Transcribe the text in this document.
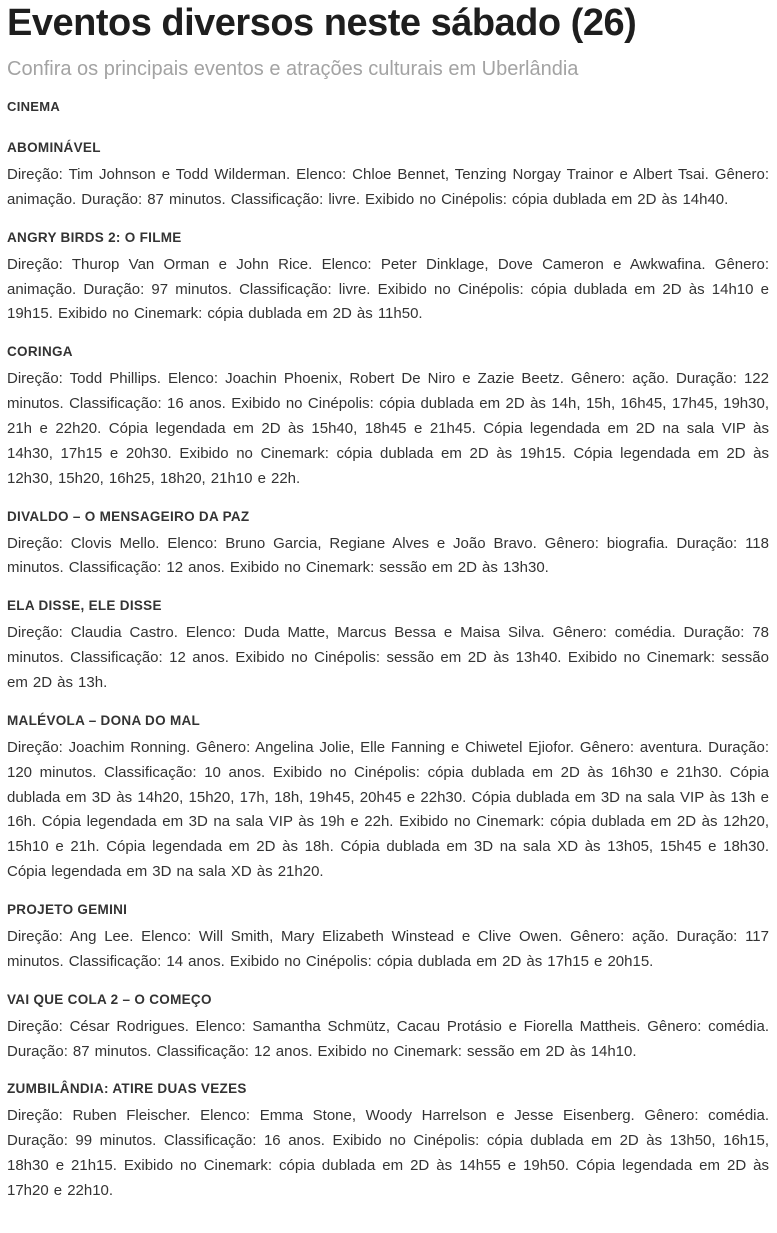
Eventos diversos neste sábado (26)
Confira os principais eventos e atrações culturais em Uberlândia
CINEMA
ABOMINÁVEL

Direção: Tim Johnson e Todd Wilderman. Elenco: Chloe Bennet, Tenzing Norgay Trainor e Albert Tsai. Gênero: animação. Duração: 87 minutos. Classificação: livre. Exibido no Cinépolis: cópia dublada em 2D às 14h40.

ANGRY BIRDS 2: O FILME

Direção: Thurop Van Orman e John Rice. Elenco: Peter Dinklage, Dove Cameron e Awkwafina. Gênero: animação. Duração: 97 minutos. Classificação: livre. Exibido no Cinépolis: cópia dublada em 2D às 14h10 e 19h15. Exibido no Cinemark: cópia dublada em 2D às 11h50.

CORINGA

Direção: Todd Phillips. Elenco: Joachin Phoenix, Robert De Niro e Zazie Beetz. Gênero: ação. Duração: 122 minutos. Classificação: 16 anos. Exibido no Cinépolis: cópia dublada em 2D às 14h, 15h, 16h45, 17h45, 19h30, 21h e 22h20. Cópia legendada em 2D às 15h40, 18h45 e 21h45. Cópia legendada em 2D na sala VIP às 14h30, 17h15 e 20h30. Exibido no Cinemark: cópia dublada em 2D às 19h15. Cópia legendada em 2D às 12h30, 15h20, 16h25, 18h20, 21h10 e 22h.

DIVALDO – O MENSAGEIRO DA PAZ

Direção: Clovis Mello. Elenco: Bruno Garcia, Regiane Alves e João Bravo. Gênero: biografia. Duração: 118 minutos. Classificação: 12 anos. Exibido no Cinemark: sessão em 2D às 13h30.

ELA DISSE, ELE DISSE

Direção: Claudia Castro. Elenco: Duda Matte, Marcus Bessa e Maisa Silva. Gênero: comédia. Duração: 78 minutos. Classificação: 12 anos. Exibido no Cinépolis: sessão em 2D às 13h40. Exibido no Cinemark: sessão em 2D às 13h.

MALÉVOLA – DONA DO MAL

Direção: Joachim Ronning. Gênero: Angelina Jolie, Elle Fanning e Chiwetel Ejiofor. Gênero: aventura. Duração: 120 minutos. Classificação: 10 anos. Exibido no Cinépolis: cópia dublada em 2D às 16h30 e 21h30. Cópia dublada em 3D às 14h20, 15h20, 17h, 18h, 19h45, 20h45 e 22h30. Cópia dublada em 3D na sala VIP às 13h e 16h. Cópia legendada em 3D na sala VIP às 19h e 22h. Exibido no Cinemark: cópia dublada em 2D às 12h20, 15h10 e 21h. Cópia legendada em 2D às 18h. Cópia dublada em 3D na sala XD às 13h05, 15h45 e 18h30. Cópia legendada em 3D na sala XD às 21h20.

PROJETO GEMINI

Direção: Ang Lee. Elenco: Will Smith, Mary Elizabeth Winstead e Clive Owen. Gênero: ação. Duração: 117 minutos. Classificação: 14 anos. Exibido no Cinépolis: cópia dublada em 2D às 17h15 e 20h15.

VAI QUE COLA 2 – O COMEÇO

Direção: César Rodrigues. Elenco: Samantha Schmütz, Cacau Protásio e Fiorella Mattheis. Gênero: comédia. Duração: 87 minutos. Classificação: 12 anos. Exibido no Cinemark: sessão em 2D às 14h10.

ZUMBILÂNDIA: ATIRE DUAS VEZES

Direção: Ruben Fleischer. Elenco: Emma Stone, Woody Harrelson e Jesse Eisenberg. Gênero: comédia. Duração: 99 minutos. Classificação: 16 anos. Exibido no Cinépolis: cópia dublada em 2D às 13h50, 16h15, 18h30 e 21h15. Exibido no Cinemark: cópia dublada em 2D às 14h55 e 19h50. Cópia legendada em 2D às 17h20 e 22h10.
